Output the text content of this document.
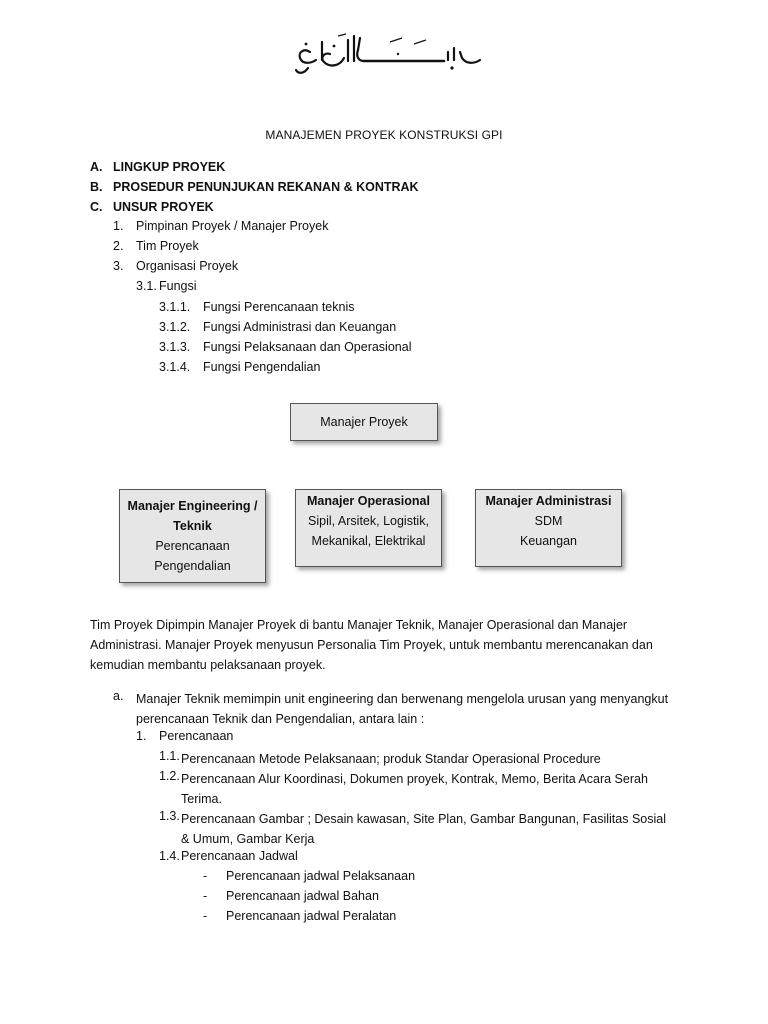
MANAJEMEN PROYEK KONSTRUKSI GPI
A. LINGKUP PROYEK
B. PROSEDUR PENUNJUKAN REKANAN & KONTRAK
C. UNSUR PROYEK
1. Pimpinan Proyek / Manajer Proyek
2. Tim Proyek
3. Organisasi Proyek
3.1. Fungsi
3.1.1. Fungsi Perencanaan teknis
3.1.2. Fungsi Administrasi dan Keuangan
3.1.3. Fungsi Pelaksanaan dan Operasional
3.1.4. Fungsi Pengendalian
Manajer Proyek
Manajer Engineering /
Teknik
Perencanaan
Pengendalian
Manajer Operasional
Sipil, Arsitek, Logistik,
Mekanikal, Elektrikal
Manajer Administrasi
SDM
Keuangan
Tim Proyek Dipimpin Manajer Proyek di bantu Manajer Teknik, Manajer Operasional dan Manajer Administrasi. Manajer Proyek menyusun Personalia Tim Proyek, untuk membantu merencanakan dan kemudian membantu pelaksanaan proyek.
a. Manajer Teknik memimpin unit engineering dan berwenang mengelola urusan yang menyangkut perencanaan Teknik dan Pengendalian, antara lain :
1. Perencanaan
1.1. Perencanaan Metode Pelaksanaan; produk Standar Operasional Procedure
1.2. Perencanaan Alur Koordinasi, Dokumen proyek, Kontrak, Memo, Berita Acara Serah Terima.
1.3. Perencanaan Gambar ; Desain kawasan, Site Plan, Gambar Bangunan, Fasilitas Sosial & Umum, Gambar Kerja
1.4. Perencanaan Jadwal
- Perencanaan jadwal Pelaksanaan
- Perencanaan jadwal Bahan
- Perencanaan jadwal Peralatan
